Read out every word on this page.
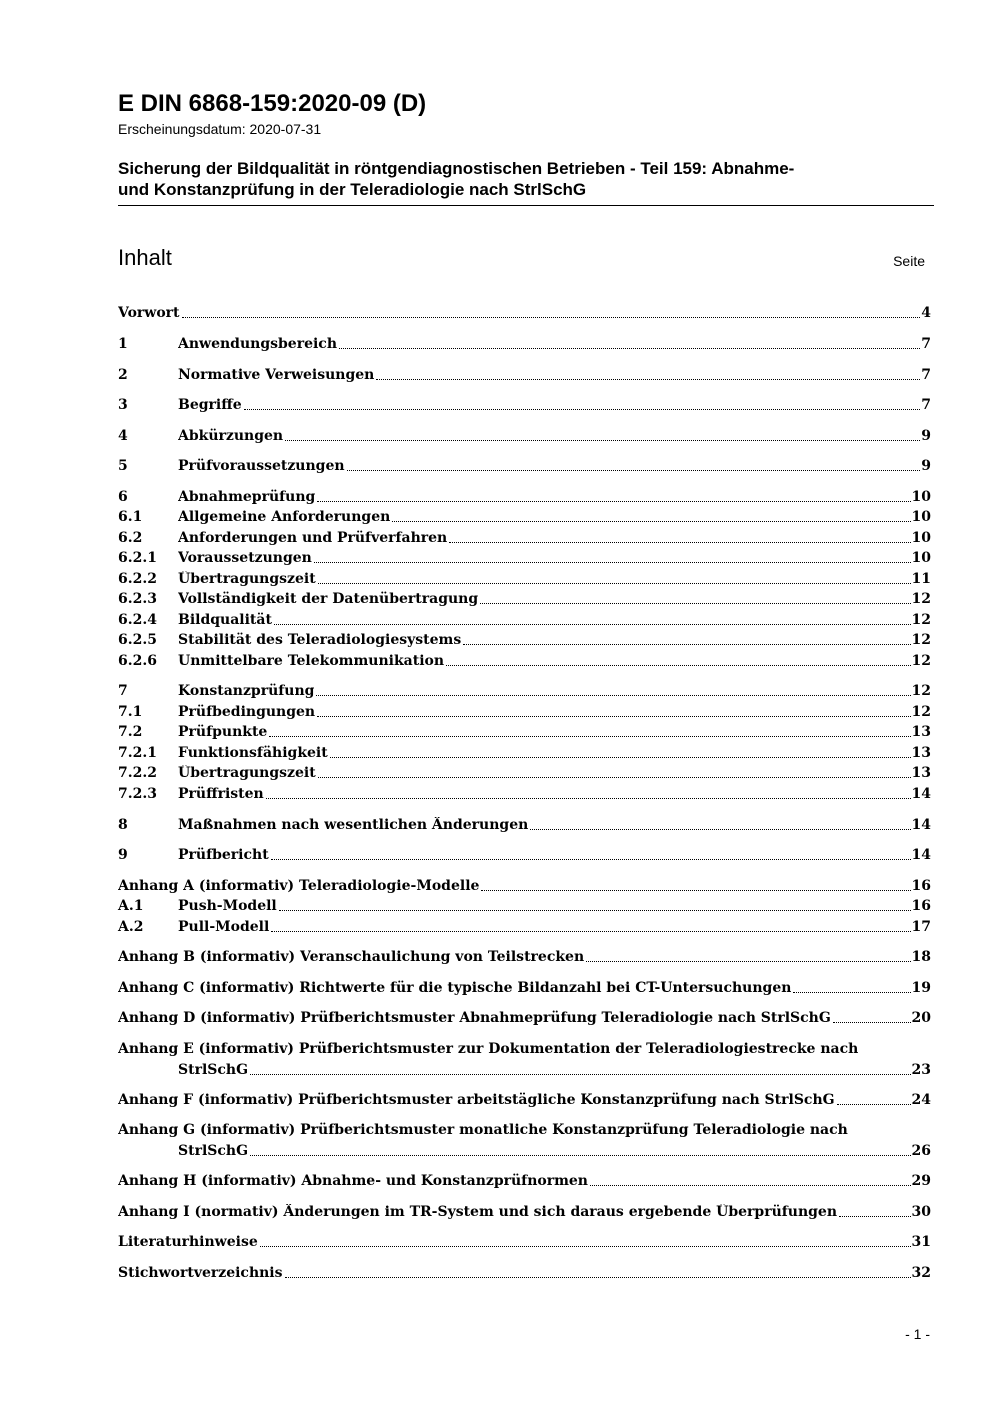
E DIN 6868-159:2020-09 (D)
Erscheinungsdatum: 2020-07-31
Sicherung der Bildqualität in röntgendiagnostischen Betrieben - Teil 159: Abnahme-
und Konstanzprüfung in der Teleradiologie nach StrlSchG
Inhalt	Seite
Vorwort	4
1	Anwendungsbereich	7
2	Normative Verweisungen	7
3	Begriffe	7
4	Abkürzungen	9
5	Prüfvoraussetzungen	9
6	Abnahmeprüfung	10
6.1	Allgemeine Anforderungen	10
6.2	Anforderungen und Prüfverfahren	10
6.2.1	Voraussetzungen	10
6.2.2	Übertragungszeit	11
6.2.3	Vollständigkeit der Datenübertragung	12
6.2.4	Bildqualität	12
6.2.5	Stabilität des Teleradiologiesystems	12
6.2.6	Unmittelbare Telekommunikation	12
7	Konstanzprüfung	12
7.1	Prüfbedingungen	12
7.2	Prüfpunkte	13
7.2.1	Funktionsfähigkeit	13
7.2.2	Übertragungszeit	13
7.2.3	Prüffristen	14
8	Maßnahmen nach wesentlichen Änderungen	14
9	Prüfbericht	14
Anhang A (informativ) Teleradiologie-Modelle	16
A.1	Push-Modell	16
A.2	Pull-Modell	17
Anhang B (informativ) Veranschaulichung von Teilstrecken	18
Anhang C (informativ) Richtwerte für die typische Bildanzahl bei CT-Untersuchungen	19
Anhang D (informativ) Prüfberichtsmuster Abnahmeprüfung Teleradiologie nach StrlSchG	20
Anhang E (informativ) Prüfberichtsmuster zur Dokumentation der Teleradiologiestrecke nach
StrlSchG	23
Anhang F (informativ) Prüfberichtsmuster arbeitstägliche Konstanzprüfung nach StrlSchG	24
Anhang G (informativ) Prüfberichtsmuster monatliche Konstanzprüfung Teleradiologie nach
StrlSchG	26
Anhang H (informativ) Abnahme- und Konstanzprüfnormen	29
Anhang I (normativ) Änderungen im TR-System und sich daraus ergebende Überprüfungen	30
Literaturhinweise	31
Stichwortverzeichnis	32
- 1 -
